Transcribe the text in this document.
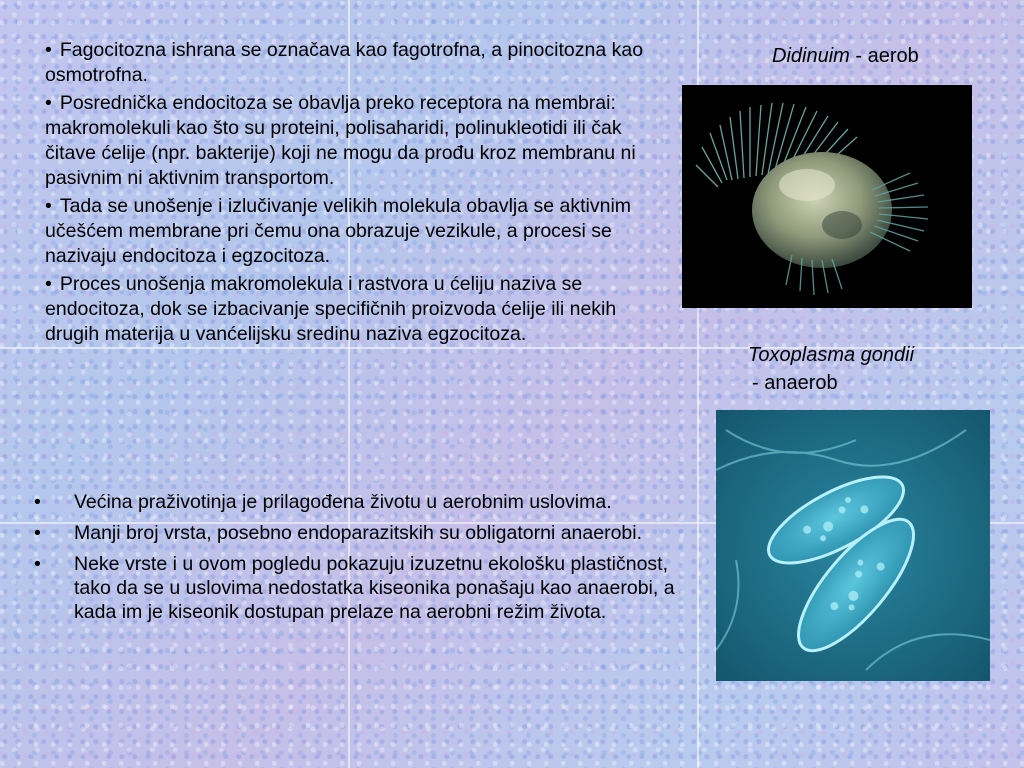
• Fagocitozna ishrana se označava kao fagotrofna, a pinocitozna kao osmotrofna.

• Posrednička endocitoza se obavlja preko receptora na membrai: makromolekuli kao što su proteini, polisaharidi, polinukleotidi ili čak čitave ćelije (npr. bakterije) koji ne mogu da prođu kroz membranu ni pasivnim ni aktivnim transportom.

• Tada se unošenje i izlučivanje velikih molekula obavlja se aktivnim učešćem membrane pri čemu ona obrazuje vezikule, a procesi se nazivaju endocitoza i egzocitoza.

• Proces unošenja makromolekula i rastvora u ćeliju naziva se endocitoza, dok se izbacivanje specifičnih proizvoda ćelije ili nekih drugih materija u vanćelijsku sredinu naziva egzocitoza.

•	Većina praživotinja je prilagođena životu u aerobnim uslovima.
•	Manji broj vrsta, posebno endoparazitskih su obligatorni anaerobi.
•	Neke vrste i u ovom pogledu pokazuju izuzetnu ekološku plastičnost, tako da se u uslovima nedostatka kiseonika ponašaju kao anaerobi, a kada im je kiseonik dostupan prelaze na aerobni režim života.
Didinuim - aerob
Toxoplasma gondii
- anaerob
